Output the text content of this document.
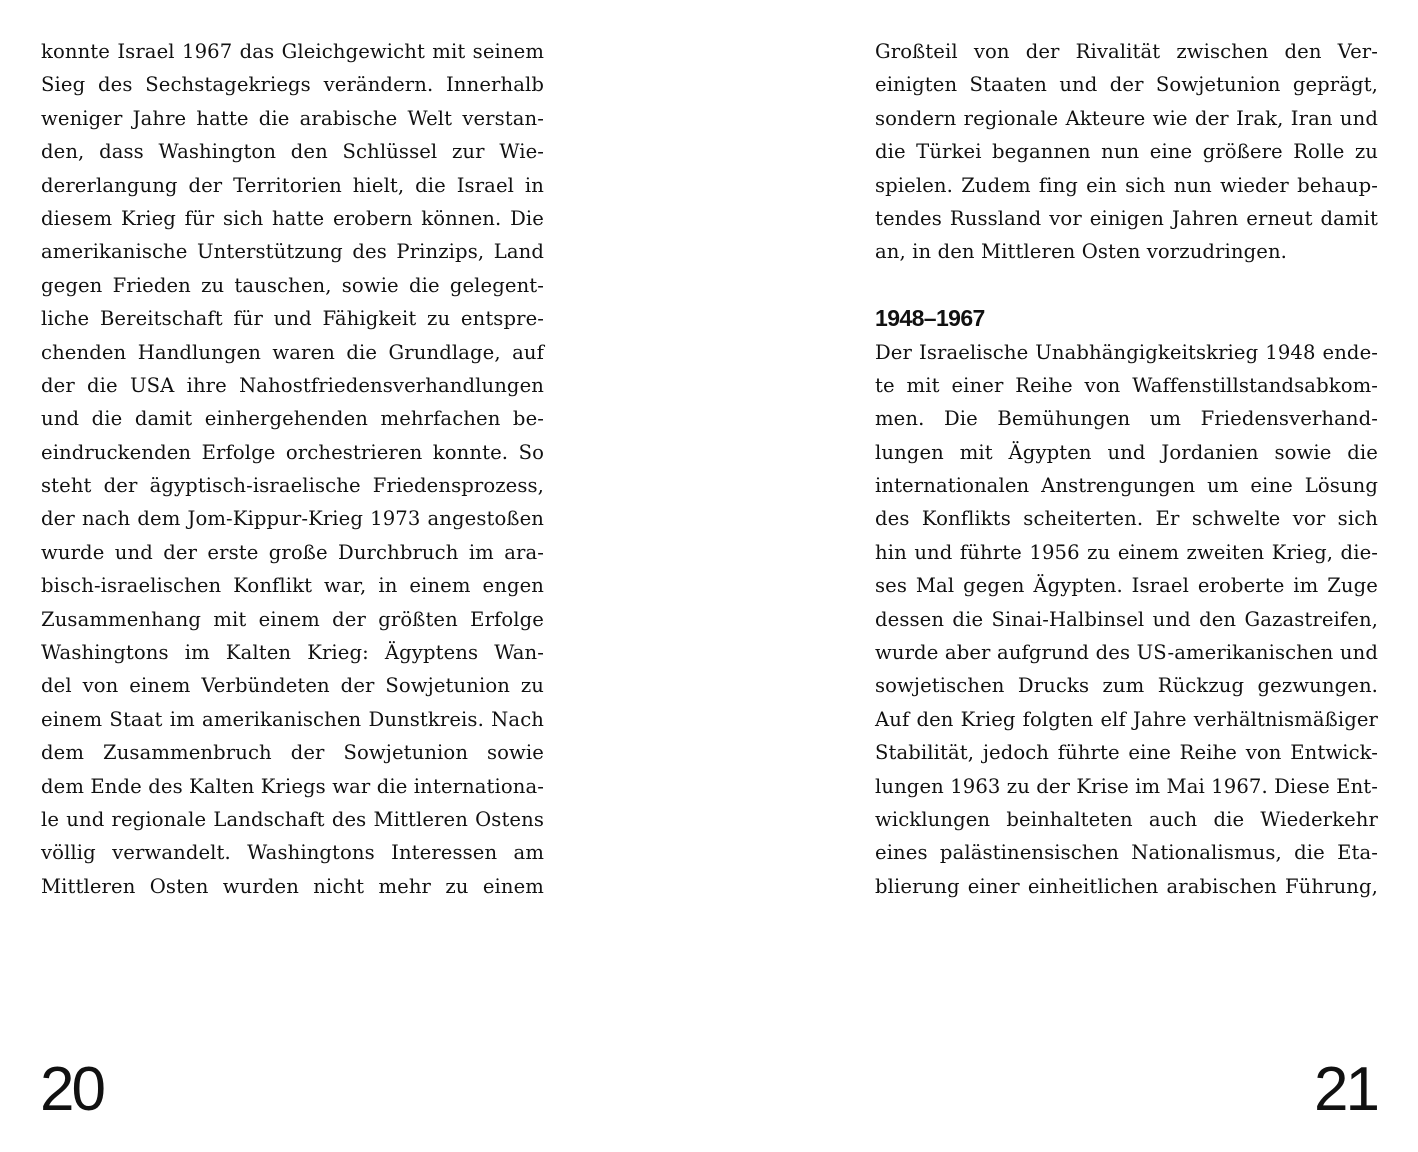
konnte Israel 1967 das Gleichgewicht mit seinem
Sieg des Sechstagekriegs verändern. Innerhalb
weniger Jahre hatte die arabische Welt verstan-
den, dass Washington den Schlüssel zur Wie-
dererlangung der Territorien hielt, die Israel in
diesem Krieg für sich hatte erobern können. Die
amerikanische Unterstützung des Prinzips, Land
gegen Frieden zu tauschen, sowie die gelegent-
liche Bereitschaft für und Fähigkeit zu entspre-
chenden Handlungen waren die Grundlage, auf
der die USA ihre Nahostfriedensverhandlungen
und die damit einhergehenden mehrfachen be-
eindruckenden Erfolge orchestrieren konnte. So
steht der ägyptisch-israelische Friedensprozess,
der nach dem Jom-Kippur-Krieg 1973 angestoßen
wurde und der erste große Durchbruch im ara-
bisch-israelischen Konflikt war, in einem engen
Zusammenhang mit einem der größten Erfolge
Washingtons im Kalten Krieg: Ägyptens Wan-
del von einem Verbündeten der Sowjetunion zu
einem Staat im amerikanischen Dunstkreis. Nach
dem Zusammenbruch der Sowjetunion sowie
dem Ende des Kalten Kriegs war die internationa-
le und regionale Landschaft des Mittleren Ostens
völlig verwandelt. Washingtons Interessen am
Mittleren Osten wurden nicht mehr zu einem
20
Großteil von der Rivalität zwischen den Ver-
einigten Staaten und der Sowjetunion geprägt,
sondern regionale Akteure wie der Irak, Iran und
die Türkei begannen nun eine größere Rolle zu
spielen. Zudem fing ein sich nun wieder behaup-
tendes Russland vor einigen Jahren erneut damit
an, in den Mittleren Osten vorzudringen.
1948–1967
Der Israelische Unabhängigkeitskrieg 1948 ende-
te mit einer Reihe von Waffenstillstandsabkom-
men. Die Bemühungen um Friedensverhand-
lungen mit Ägypten und Jordanien sowie die
internationalen Anstrengungen um eine Lösung
des Konflikts scheiterten. Er schwelte vor sich
hin und führte 1956 zu einem zweiten Krieg, die-
ses Mal gegen Ägypten. Israel eroberte im Zuge
dessen die Sinai-Halbinsel und den Gazastreifen,
wurde aber aufgrund des US-amerikanischen und
sowjetischen Drucks zum Rückzug gezwungen.
Auf den Krieg folgten elf Jahre verhältnismäßiger
Stabilität, jedoch führte eine Reihe von Entwick-
lungen 1963 zu der Krise im Mai 1967. Diese Ent-
wicklungen beinhalteten auch die Wiederkehr
eines palästinensischen Nationalismus, die Eta-
blierung einer einheitlichen arabischen Führung,
21
